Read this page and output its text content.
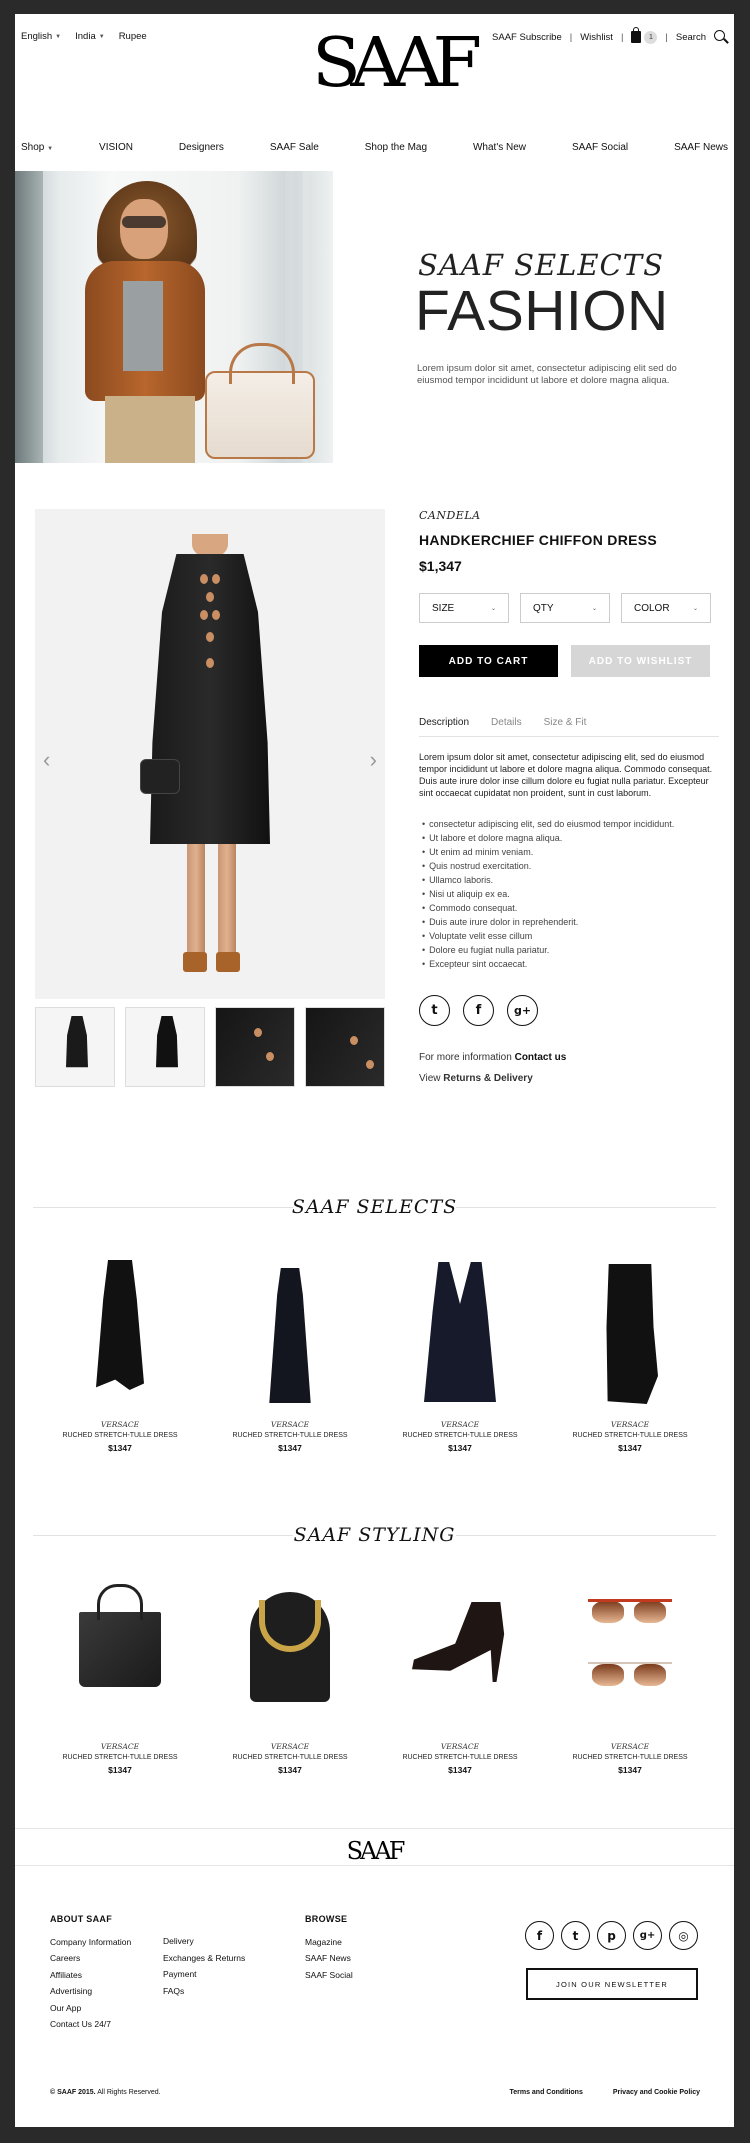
English ▼ India ▼ Rupee SAAF SAAF Subscribe | Wishlist |	1	| Search
Shop ▼	VISION	Designers	SAAF Sale	Shop the Mag	What's New	SAAF Social	SAAF News
SAAF SELECTS
FASHION
Lorem ipsum dolor sit amet, consectetur adipiscing elit sed do eiusmod tempor incididunt ut labore et dolore magna aliqua.
‹	›
CANDELA
HANDKERCHIEF CHIFFON DRESS
$1,347
SIZE	⌄	QTY	⌄	COLOR	⌄
ADD TO CART	ADD TO WISHLIST
Description Details Size & Fit
Lorem ipsum dolor sit amet, consectetur adipiscing elit, sed do eiusmod tempor incididunt ut labore et dolore magna aliqua. Commodo consequat. Duis aute irure dolor inse cillum dolore eu fugiat nulla pariatur. Excepteur sint occaecat cupidatat non proident, sunt in cust laborum.
• consectetur adipiscing elit, sed do eiusmod tempor incididunt.
• Ut labore et dolore magna aliqua.
• Ut enim ad minim veniam.
• Quis nostrud exercitation.
• Ullamco laboris.
• Nisi ut aliquip ex ea.
• Commodo consequat.
• Duis aute irure dolor in reprehenderit.
• Voluptate velit esse cillum
• Dolore eu fugiat nulla pariatur.
• Excepteur sint occaecat.
t	f	g+
For more information Contact us
View Returns & Delivery
SAAF SELECTS
VERSACE
RUCHED STRETCH-TULLE DRESS
$1347
VERSACE
RUCHED STRETCH-TULLE DRESS
$1347
VERSACE
RUCHED STRETCH-TULLE DRESS
$1347
VERSACE
RUCHED STRETCH-TULLE DRESS
$1347
SAAF STYLING
VERSACE
RUCHED STRETCH-TULLE DRESS
$1347
VERSACE
RUCHED STRETCH-TULLE DRESS
$1347
VERSACE
RUCHED STRETCH-TULLE DRESS
$1347
VERSACE
RUCHED STRETCH-TULLE DRESS
$1347
SAAF
ABOUT SAAF
Company Information
Careers
Affiliates
Advertising
Our App
Contact Us 24/7
Delivery
Exchanges & Returns
Payment
FAQs
BROWSE
Magazine
SAAF News
SAAF Social
f	t	p	g+	◎
JOIN OUR NEWSLETTER
© SAAF 2015. All Rights Reserved.	Terms and Conditions	Privacy and Cookie Policy
